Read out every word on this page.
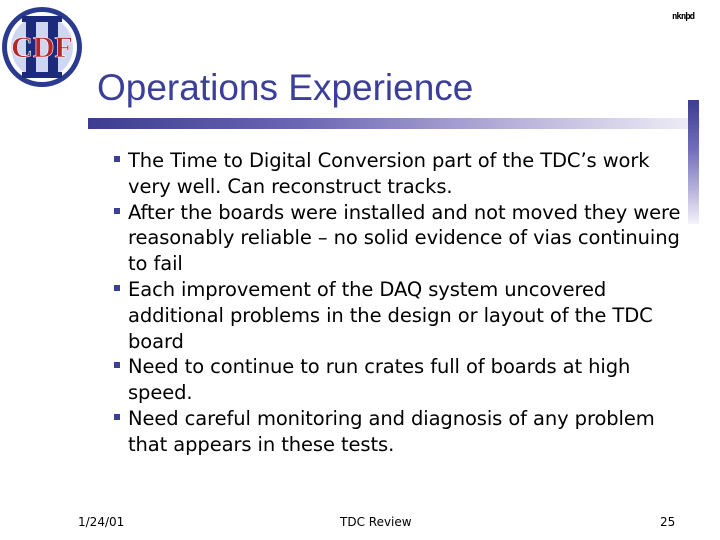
CDF
nknþd
Operations Experience
The Time to Digital Conversion part of the TDC’s work very well. Can reconstruct tracks.
After the boards were installed and not moved they were reasonably reliable – no solid evidence of vias continuing to fail
Each improvement of the DAQ system uncovered additional problems in the design or layout of the TDC board
Need to continue to run crates full of boards at high speed.
Need careful monitoring and diagnosis of any problem that appears in these tests.
1/24/01	TDC Review	25
